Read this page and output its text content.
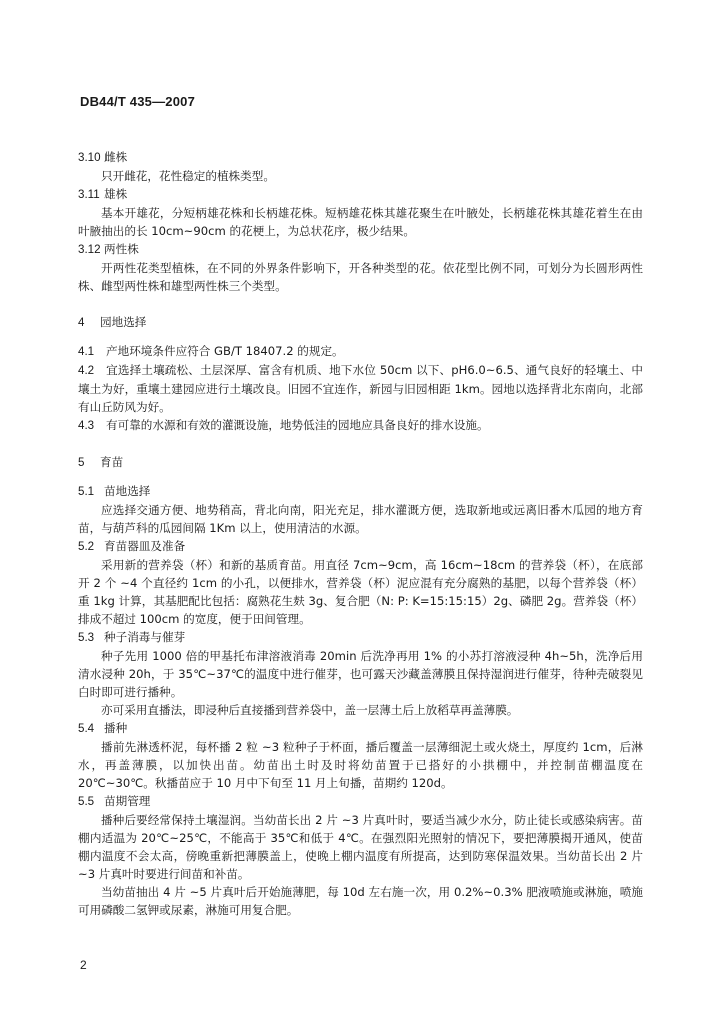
DB44/T 435—2007

3.10 雌株

只开雌花，花性稳定的植株类型。

3.11 雄株

基本开雄花，分短柄雄花株和长柄雄花株。短柄雄花株其雄花聚生在叶腋处，长柄雄花株其雄花着生在由叶腋抽出的长 10cm~90cm 的花梗上，为总状花序，极少结果。

3.12 两性株

开两性花类型植株，在不同的外界条件影响下，开各种类型的花。依花型比例不同，可划分为长圆形两性株、雌型两性株和雄型两性株三个类型。

4 园地选择

4.1 产地环境条件应符合 GB/T 18407.2 的规定。

4.2 宜选择土壤疏松、土层深厚、富含有机质、地下水位 50cm 以下、pH6.0~6.5、通气良好的轻壤土、中壤土为好，重壤土建园应进行土壤改良。旧园不宜连作，新园与旧园相距 1km。园地以选择背北东南向，北部有山丘防风为好。

4.3 有可靠的水源和有效的灌溉设施，地势低洼的园地应具备良好的排水设施。

5 育苗

5.1 苗地选择

应选择交通方便、地势稍高，背北向南，阳光充足，排水灌溉方便，选取新地或远离旧番木瓜园的地方育苗，与葫芦科的瓜园间隔 1Km 以上，使用清洁的水源。

5.2 育苗器皿及准备

采用新的营养袋（杯）和新的基质育苗。用直径 7cm~9cm，高 16cm~18cm 的营养袋（杯），在底部开 2 个 ~4 个直径约 1cm 的小孔，以便排水，营养袋（杯）泥应混有充分腐熟的基肥，以每个营养袋（杯）重 1kg 计算，其基肥配比包括：腐熟花生麸 3g、复合肥（N: P: K=15:15:15）2g、磷肥 2g。营养袋（杯）排成不超过 100cm 的宽度，便于田间管理。

5.3 种子消毒与催芽

种子先用 1000 倍的甲基托布津溶液消毒 20min 后洗净再用 1% 的小苏打溶液浸种 4h~5h，洗净后用清水浸种 20h，于 35℃~37℃的温度中进行催芽，也可露天沙藏盖薄膜且保持湿润进行催芽，待种壳破裂见白时即可进行播种。

亦可采用直播法，即浸种后直接播到营养袋中，盖一层薄土后上放稻草再盖薄膜。

5.4 播种

播前先淋透杯泥，每杯播 2 粒 ~3 粒种子于杯面，播后覆盖一层薄细泥土或火烧土，厚度约 1cm，后淋水，再盖薄膜，以加快出苗。幼苗出土时及时将幼苗置于已搭好的小拱棚中，并控制苗棚温度在 20℃~30℃。秋播苗应于 10 月中下旬至 11 月上旬播，苗期约 120d。

5.5 苗期管理

播种后要经常保持土壤湿润。当幼苗长出 2 片 ~3 片真叶时，要适当减少水分，防止徒长或感染病害。苗棚内适温为 20℃~25℃，不能高于 35℃和低于 4℃。在强烈阳光照射的情况下，要把薄膜揭开通风，使苗棚内温度不会太高，傍晚重新把薄膜盖上，使晚上棚内温度有所提高，达到防寒保温效果。当幼苗长出 2 片 ~3 片真叶时要进行间苗和补苗。

当幼苗抽出 4 片 ~5 片真叶后开始施薄肥，每 10d 左右施一次，用 0.2%~0.3% 肥液喷施或淋施，喷施可用磷酸二氢钾或尿素，淋施可用复合肥。

2
